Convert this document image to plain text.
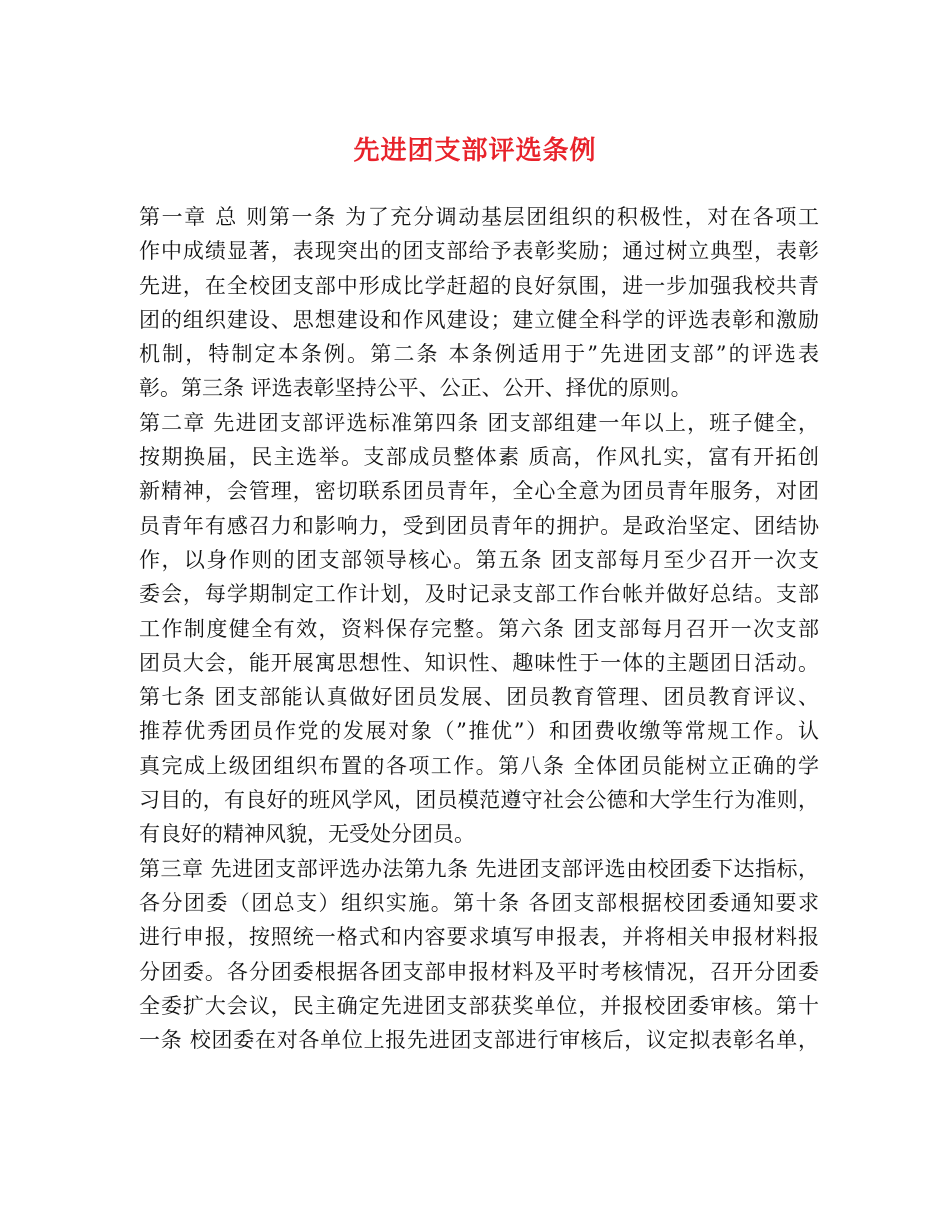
先进团支部评选条例
第一章 总 则第一条 为了充分调动基层团组织的积极性，对在各项工
作中成绩显著，表现突出的团支部给予表彰奖励；通过树立典型，表彰
先进，在全校团支部中形成比学赶超的良好氛围，进一步加强我校共青
团的组织建设、思想建设和作风建设；建立健全科学的评选表彰和激励
机制，特制定本条例。第二条 本条例适用于”先进团支部”的评选表
彰。第三条 评选表彰坚持公平、公正、公开、择优的原则。
第二章 先进团支部评选标准第四条 团支部组建一年以上，班子健全，
按期换届，民主选举。支部成员整体素 质高，作风扎实，富有开拓创
新精神，会管理，密切联系团员青年，全心全意为团员青年服务，对团
员青年有感召力和影响力，受到团员青年的拥护。是政治坚定、团结协
作，以身作则的团支部领导核心。第五条 团支部每月至少召开一次支
委会，每学期制定工作计划，及时记录支部工作台帐并做好总结。支部
工作制度健全有效，资料保存完整。第六条 团支部每月召开一次支部
团员大会，能开展寓思想性、知识性、趣味性于一体的主题团日活动。
第七条 团支部能认真做好团员发展、团员教育管理、团员教育评议、
推荐优秀团员作党的发展对象（”推优”）和团费收缴等常规工作。认
真完成上级团组织布置的各项工作。第八条 全体团员能树立正确的学
习目的，有良好的班风学风，团员模范遵守社会公德和大学生行为准则，
有良好的精神风貌，无受处分团员。
第三章 先进团支部评选办法第九条 先进团支部评选由校团委下达指标，
各分团委（团总支）组织实施。第十条 各团支部根据校团委通知要求
进行申报，按照统一格式和内容要求填写申报表，并将相关申报材料报
分团委。各分团委根据各团支部申报材料及平时考核情况，召开分团委
全委扩大会议，民主确定先进团支部获奖单位，并报校团委审核。第十
一条 校团委在对各单位上报先进团支部进行审核后，议定拟表彰名单，
